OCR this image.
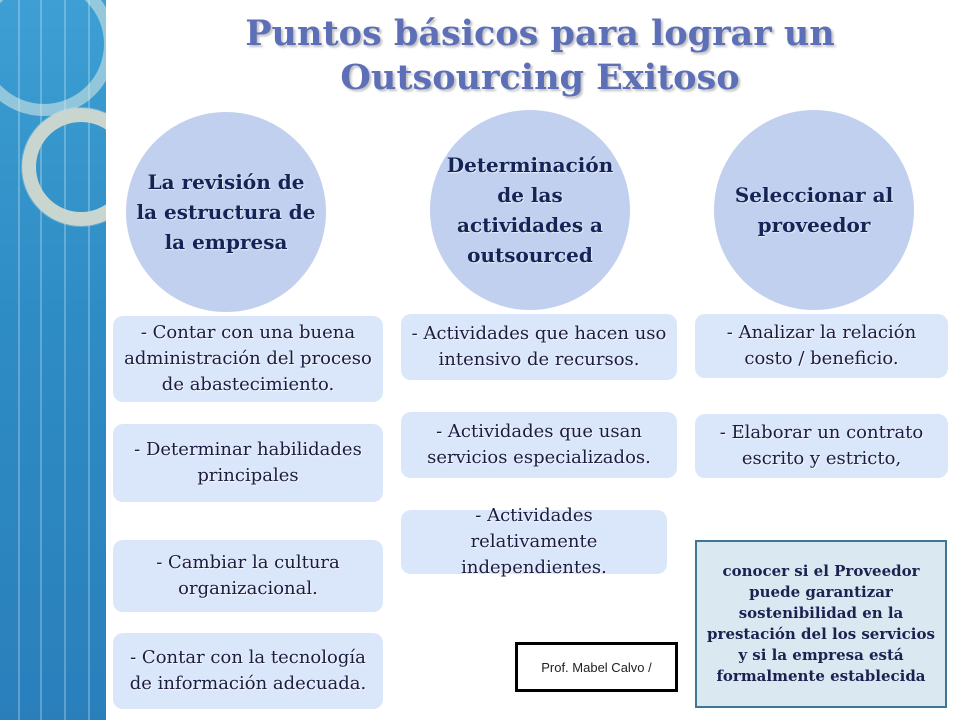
Puntos básicos para lograr un Outsourcing Exitoso
La revisión de la estructura de la empresa
- Contar con una buena administración del proceso de abastecimiento.
- Determinar habilidades principales
- Cambiar la cultura organizacional.
- Contar con la tecnología de información adecuada.
Determinación de las actividades a outsourced
- Actividades que hacen uso intensivo de recursos.
- Actividades que usan servicios especializados.
- Actividades relativamente independientes.
Seleccionar al proveedor
- Analizar la relación costo / beneficio.
- Elaborar un contrato escrito y estricto,
conocer si el Proveedor puede garantizar sostenibilidad en la prestación del los servicios y si la empresa está formalmente establecida
Prof. Mabel Calvo /
